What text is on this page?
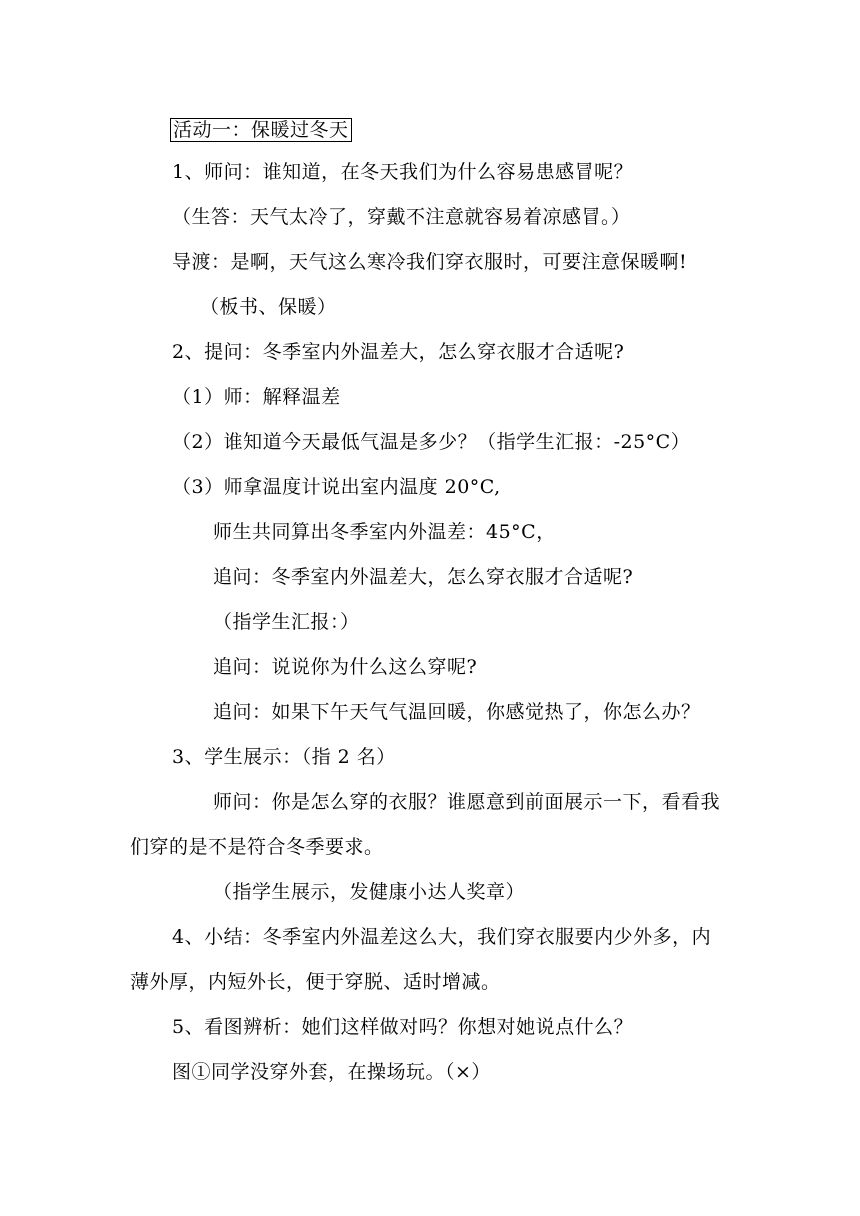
活动一：保暖过冬天
1、师问：谁知道，在冬天我们为什么容易患感冒呢？
（生答：天气太冷了，穿戴不注意就容易着凉感冒。）
导渡：是啊，天气这么寒冷我们穿衣服时，可要注意保暖啊!
（板书、保暖）
2、提问：冬季室内外温差大，怎么穿衣服才合适呢?
（1）师：解释温差
（2）谁知道今天最低气温是多少？（指学生汇报：-25°C）
（3）师拿温度计说出室内温度 20°C,
师生共同算出冬季室内外温差：45°C，
追问：冬季室内外温差大，怎么穿衣服才合适呢?
（指学生汇报：）
追问：说说你为什么这么穿呢?
追问：如果下午天气气温回暖，你感觉热了，你怎么办？
3、学生展示：（指 2 名）
师问：你是怎么穿的衣服？谁愿意到前面展示一下，看看我
们穿的是不是符合冬季要求。
（指学生展示，发健康小达人奖章）
4、小结：冬季室内外温差这么大，我们穿衣服要内少外多，内
薄外厚，内短外长，便于穿脱、适时增减。
5、看图辨析：她们这样做对吗？你想对她说点什么？
图①同学没穿外套，在操场玩。（×）
